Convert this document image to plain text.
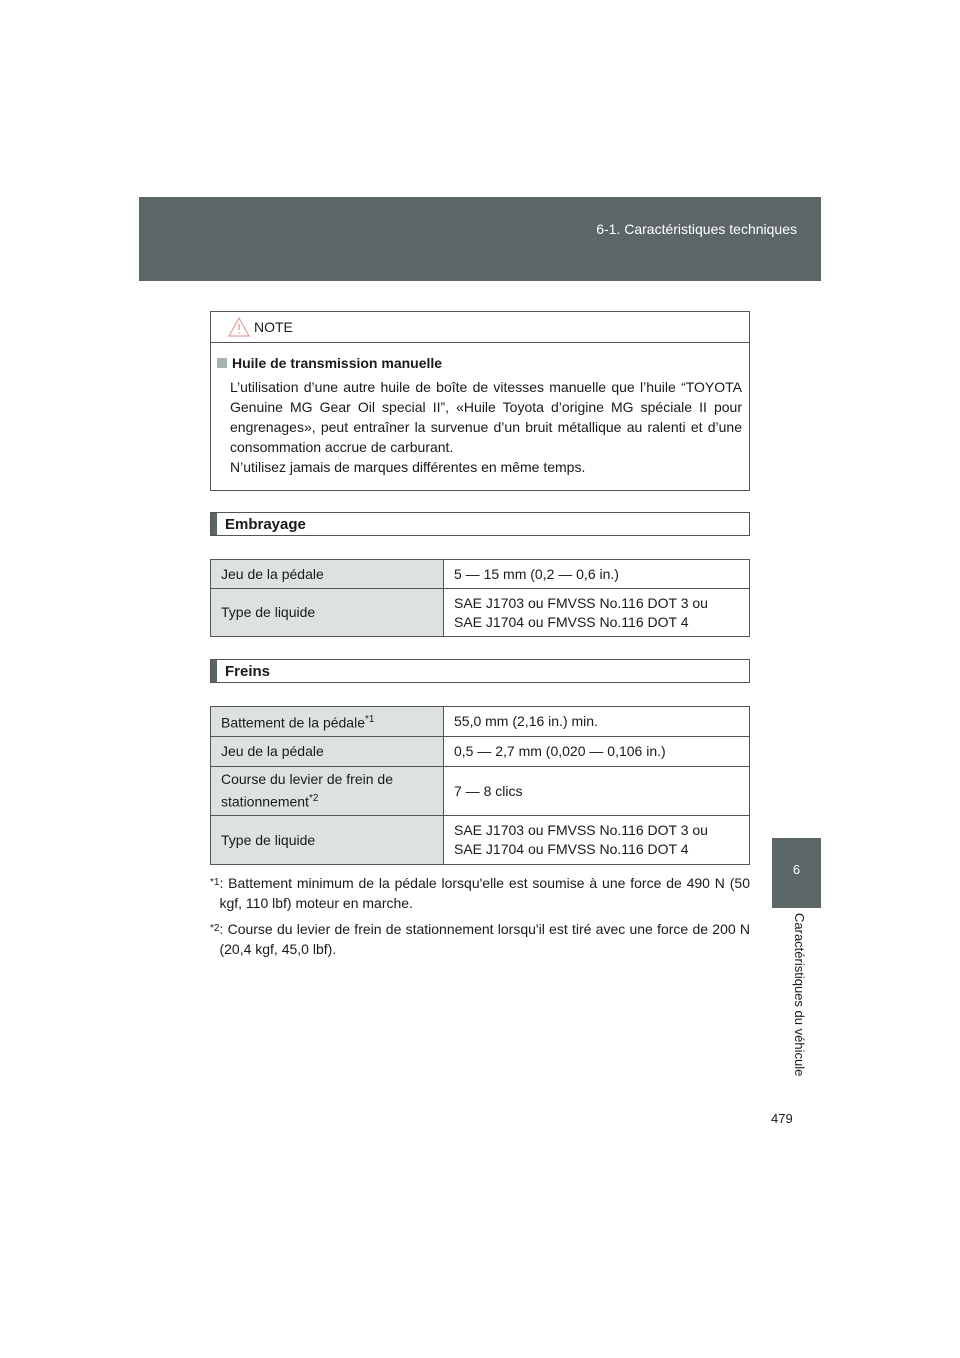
6-1. Caractéristiques techniques
6
Caractéristiques du véhicule
479
NOTE
Huile de transmission manuelle
L’utilisation d’une autre huile de boîte de vitesses manuelle que l’huile “TOYOTA Genuine MG Gear Oil special II”, «Huile Toyota d’origine MG spéciale II pour engrenages», peut entraîner la survenue d’un bruit métallique au ralenti et d’une consommation accrue de carburant.
N’utilisez jamais de marques différentes en même temps.
Embrayage
Jeu de la pédale	5 — 15 mm (0,2 — 0,6 in.)
Type de liquide	SAE J1703 ou FMVSS No.116 DOT 3 ou
SAE J1704 ou FMVSS No.116 DOT 4
Freins
Battement de la pédale$^{*1}$	55,0 mm (2,16 in.) min.
Jeu de la pédale	0,5 — 2,7 mm (0,020 — 0,106 in.)

Course du levier de frein de
stationnement$^{*2}$	7 — 8 clics
Type de liquide	SAE J1703 ou FMVSS No.116 DOT 3 ou
SAE J1704 ou FMVSS No.116 DOT 4
*1 : Battement minimum de la pédale lorsqu'elle est soumise à une force de 490 N (50 kgf, 110 lbf) moteur en marche.
*2 : Course du levier de frein de stationnement lorsqu'il est tiré avec une force de 200 N (20,4 kgf, 45,0 lbf).
